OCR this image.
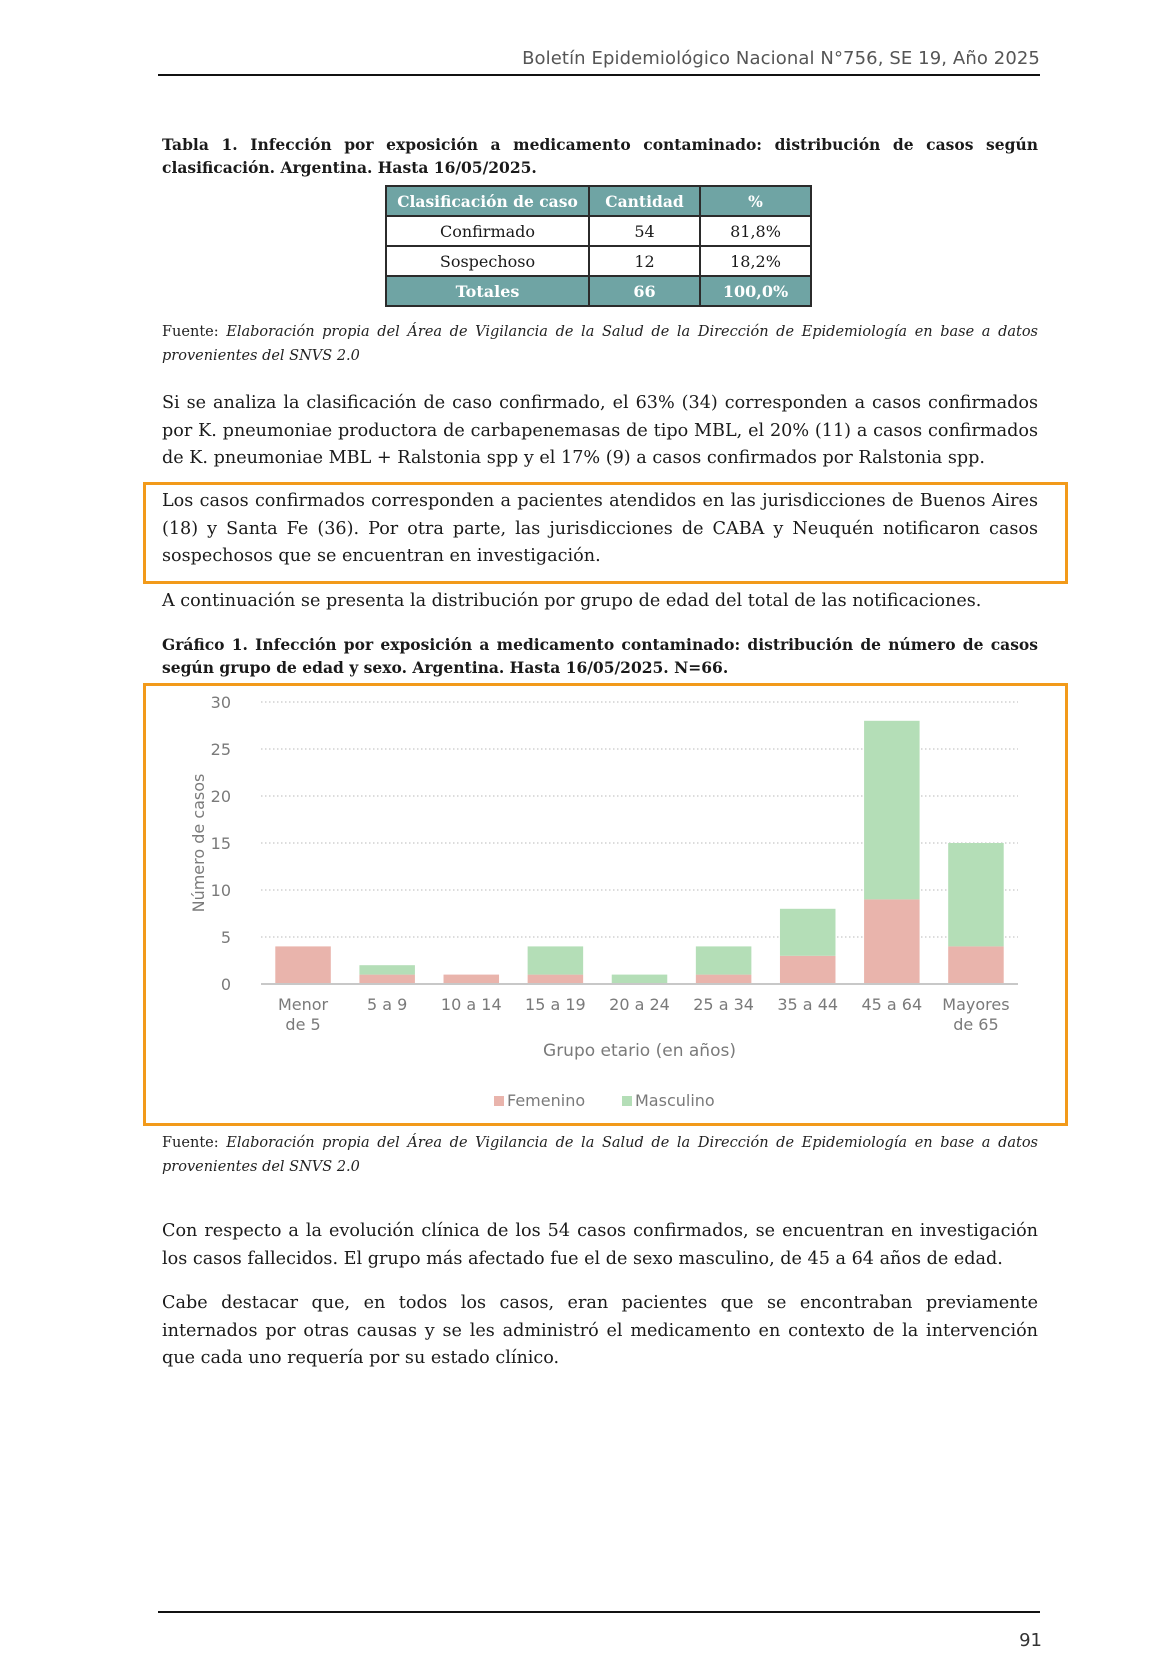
Boletín Epidemiológico Nacional N°756, SE 19, Año 2025
Tabla 1. Infección por exposición a medicamento contaminado: distribución de casos según clasificación. Argentina. Hasta 16/05/2025.
Clasificación de caso	Cantidad	%
Confirmado	54	81,8%
Sospechoso	12	18,2%
Totales	66	100,0%
Fuente: Elaboración propia del Área de Vigilancia de la Salud de la Dirección de Epidemiología en base a datos provenientes del SNVS 2.0
Si se analiza la clasificación de caso confirmado, el 63% (34) corresponden a casos confirmados por K. pneumoniae productora de carbapenemasas de tipo MBL, el 20% (11) a casos confirmados de K. pneumoniae MBL + Ralstonia spp y el 17% (9) a casos confirmados por Ralstonia spp.
Los casos confirmados corresponden a pacientes atendidos en las jurisdicciones de Buenos Aires (18) y Santa Fe (36). Por otra parte, las jurisdicciones de CABA y Neuquén notificaron casos sospechosos que se encuentran en investigación.
A continuación se presenta la distribución por grupo de edad del total de las notificaciones.
Gráfico 1. Infección por exposición a medicamento contaminado: distribución de número de casos según grupo de edad y sexo. Argentina. Hasta 16/05/2025. N=66.
0
5
10
15
20
25
30
Número de casos
Menor
de 5
5 a 9 10 a 14 15 a 19 20 a 24 25 a 34 35 a 44 45 a 64 Mayores
de 65
Grupo etario (en años)
Femenino	Masculino
Fuente: Elaboración propia del Área de Vigilancia de la Salud de la Dirección de Epidemiología en base a datos provenientes del SNVS 2.0
Con respecto a la evolución clínica de los 54 casos confirmados, se encuentran en investigación los casos fallecidos. El grupo más afectado fue el de sexo masculino, de 45 a 64 años de edad.
Cabe destacar que, en todos los casos, eran pacientes que se encontraban previamente internados por otras causas y se les administró el medicamento en contexto de la intervención que cada uno requería por su estado clínico.
91
